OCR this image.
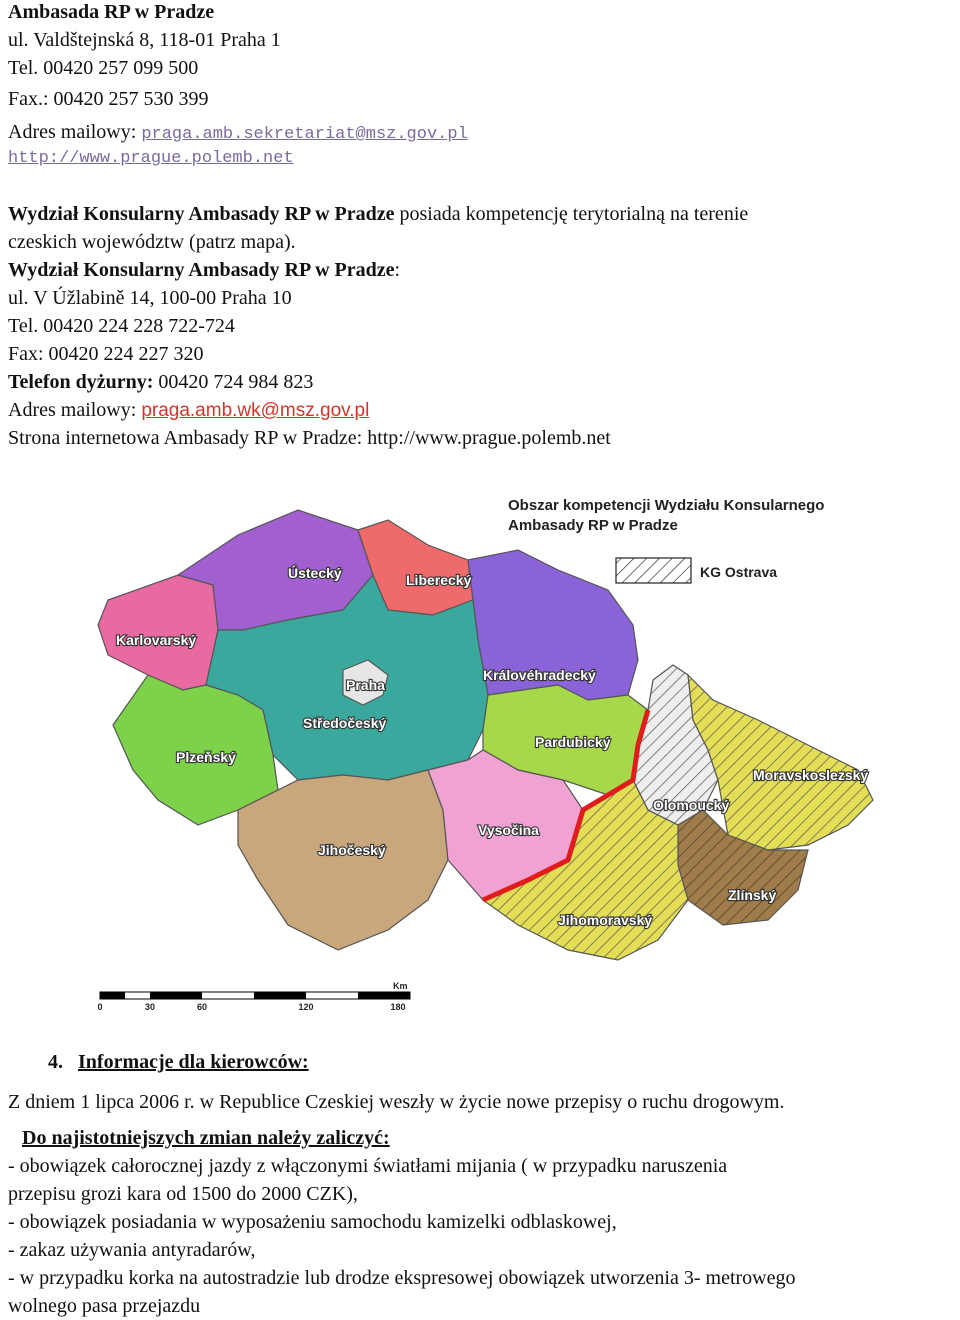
Ambasada RP w Pradze
ul. Valdštejnská 8, 118-01 Praha 1
Tel. 00420 257 099 500
Fax.: 00420 257 530 399
Adres mailowy: praga.amb.sekretariat@msz.gov.pl
http://www.prague.polemb.net
Wydział Konsularny Ambasady RP w Pradze posiada kompetencję terytorialną na terenie
czeskich województw (patrz mapa).
Wydział Konsularny Ambasady RP w Pradze:
ul. V Úžlabině 14, 100-00 Praha 10
Tel. 00420 224 228 722-724
Fax: 00420 224 227 320
Telefon dyżurny: 00420 724 984 823
Adres mailowy: praga.amb.wk@msz.gov.pl
Strona internetowa Ambasady RP w Pradze: http://www.prague.polemb.net
Karlovarský
Ústecký	Liberecký
Praha
Středočeský
Královéhradecký
Plzeňský
Pardubický
Olomoucký
Moravskoslezský
Jihočeský
Vysočina
Zlínský
Jihomoravský
Obszar kompetencji Wydziału Konsularnego
Ambasady RP w Pradze
KG Ostrava
Km
0	30	60	120	180
4. Informacje dla kierowców:
Z dniem 1 lipca 2006 r. w Republice Czeskiej weszły w życie nowe przepisy o ruchu drogowym.
Do najistotniejszych zmian należy zaliczyć:
- obowiązek całorocznej jazdy z włączonymi światłami mijania ( w przypadku naruszenia
przepisu grozi kara od 1500 do 2000 CZK),
- obowiązek posiadania w wyposażeniu samochodu kamizelki odblaskowej,
- zakaz używania antyradarów,
- w przypadku korka na autostradzie lub drodze ekspresowej obowiązek utworzenia 3- metrowego
wolnego pasa przejazdu
